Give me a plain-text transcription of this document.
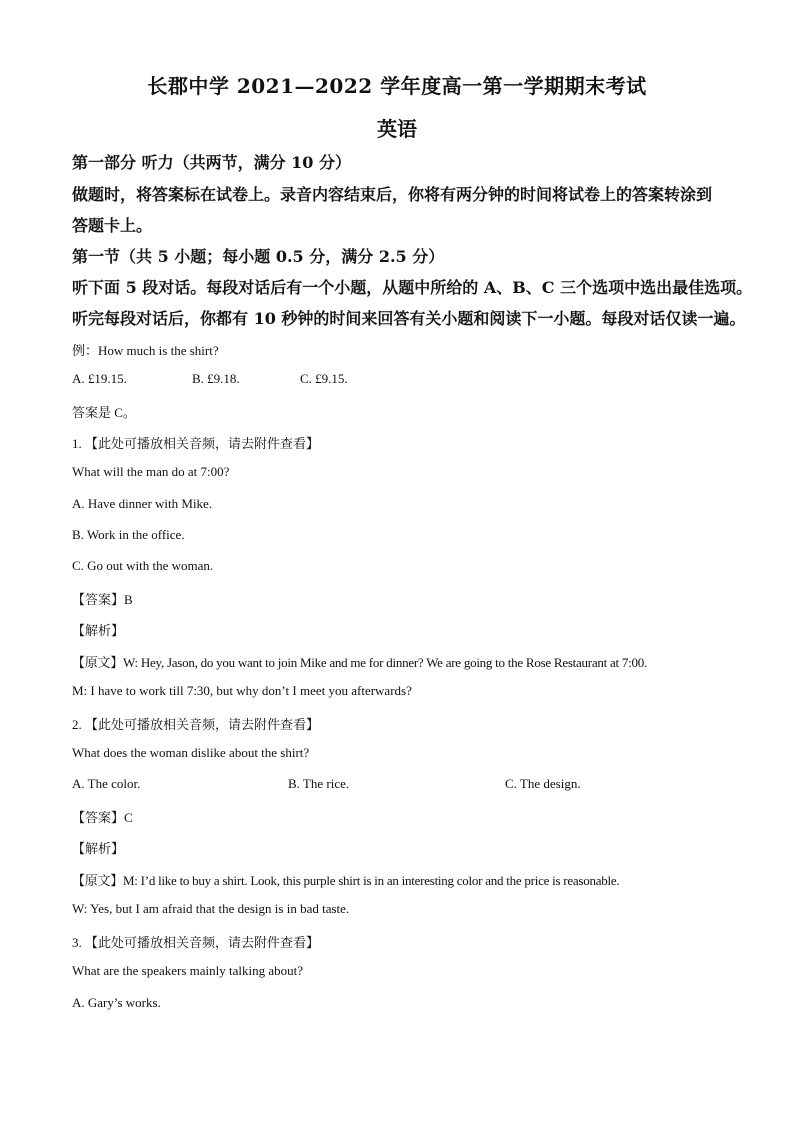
长郡中学 2021—2022 学年度高一第一学期期末考试
英语
第一部分 听力（共两节，满分 10 分）
做题时，将答案标在试卷上。录音内容结束后，你将有两分钟的时间将试卷上的答案转涂到
答题卡上。
第一节（共 5 小题；每小题 0.5 分，满分 2.5 分）
听下面 5 段对话。每段对话后有一个小题，从题中所给的 A、B、C 三个选项中选出最佳选项。
听完每段对话后，你都有 10 秒钟的时间来回答有关小题和阅读下一小题。每段对话仅读一遍。
例：How much is the shirt?
A. £19.15.	B. £9.18.	C. £9.15.
答案是 C。
1. 【此处可播放相关音频，请去附件查看】
What will the man do at 7:00?
A. Have dinner with Mike.
B. Work in the office.
C. Go out with the woman.
【答案】B
【解析】
【原文】W: Hey, Jason, do you want to join Mike and me for dinner? We are going to the Rose Restaurant at 7:00.
M: I have to work till 7:30, but why don’t I meet you afterwards?
2. 【此处可播放相关音频，请去附件查看】
What does the woman dislike about the shirt?
A. The color.	B. The rice.	C. The design.
【答案】C
【解析】
【原文】M: I’d like to buy a shirt. Look, this purple shirt is in an interesting color and the price is reasonable.
W: Yes, but I am afraid that the design is in bad taste.
3. 【此处可播放相关音频，请去附件查看】
What are the speakers mainly talking about?
A. Gary’s works.
